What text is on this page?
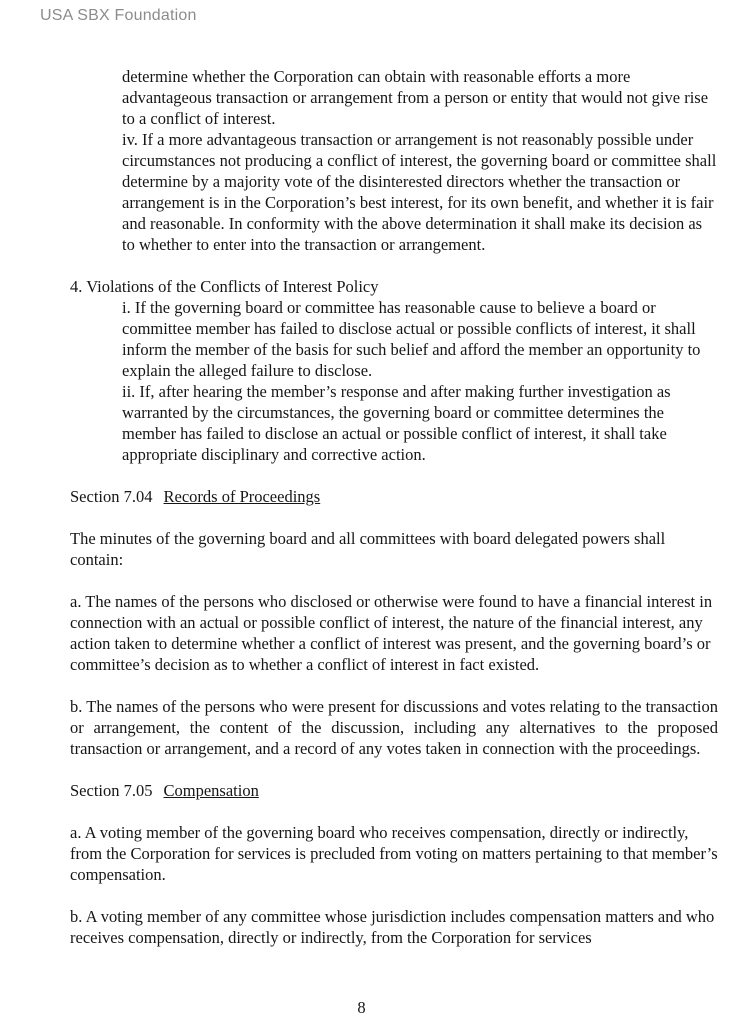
USA SBX Foundation

determine whether the Corporation can obtain with reasonable efforts a more advantageous transaction or arrangement from a person or entity that would not give rise to a conflict of interest.

iv. If a more advantageous transaction or arrangement is not reasonably possible under circumstances not producing a conflict of interest, the governing board or committee shall determine by a majority vote of the disinterested directors whether the transaction or arrangement is in the Corporation’s best interest, for its own benefit, and whether it is fair and reasonable. In conformity with the above determination it shall make its decision as to whether to enter into the transaction or arrangement.

4. Violations of the Conflicts of Interest Policy

i. If the governing board or committee has reasonable cause to believe a board or committee member has failed to disclose actual or possible conflicts of interest, it shall inform the member of the basis for such belief and afford the member an opportunity to explain the alleged failure to disclose.

ii. If, after hearing the member’s response and after making further investigation as warranted by the circumstances, the governing board or committee determines the member has failed to disclose an actual or possible conflict of interest, it shall take appropriate disciplinary and corrective action.

Section 7.04 Records of Proceedings

The minutes of the governing board and all committees with board delegated powers shall contain:

a. The names of the persons who disclosed or otherwise were found to have a financial interest in connection with an actual or possible conflict of interest, the nature of the financial interest, any action taken to determine whether a conflict of interest was present, and the governing board’s or committee’s decision as to whether a conflict of interest in fact existed.

b. The names of the persons who were present for discussions and votes relating to the transaction or arrangement, the content of the discussion, including any alternatives to the proposed transaction or arrangement, and a record of any votes taken in connection with the proceedings.

Section 7.05 Compensation

a. A voting member of the governing board who receives compensation, directly or indirectly, from the Corporation for services is precluded from voting on matters pertaining to that member’s compensation.

b. A voting member of any committee whose jurisdiction includes compensation matters and who receives compensation, directly or indirectly, from the Corporation for services

8
